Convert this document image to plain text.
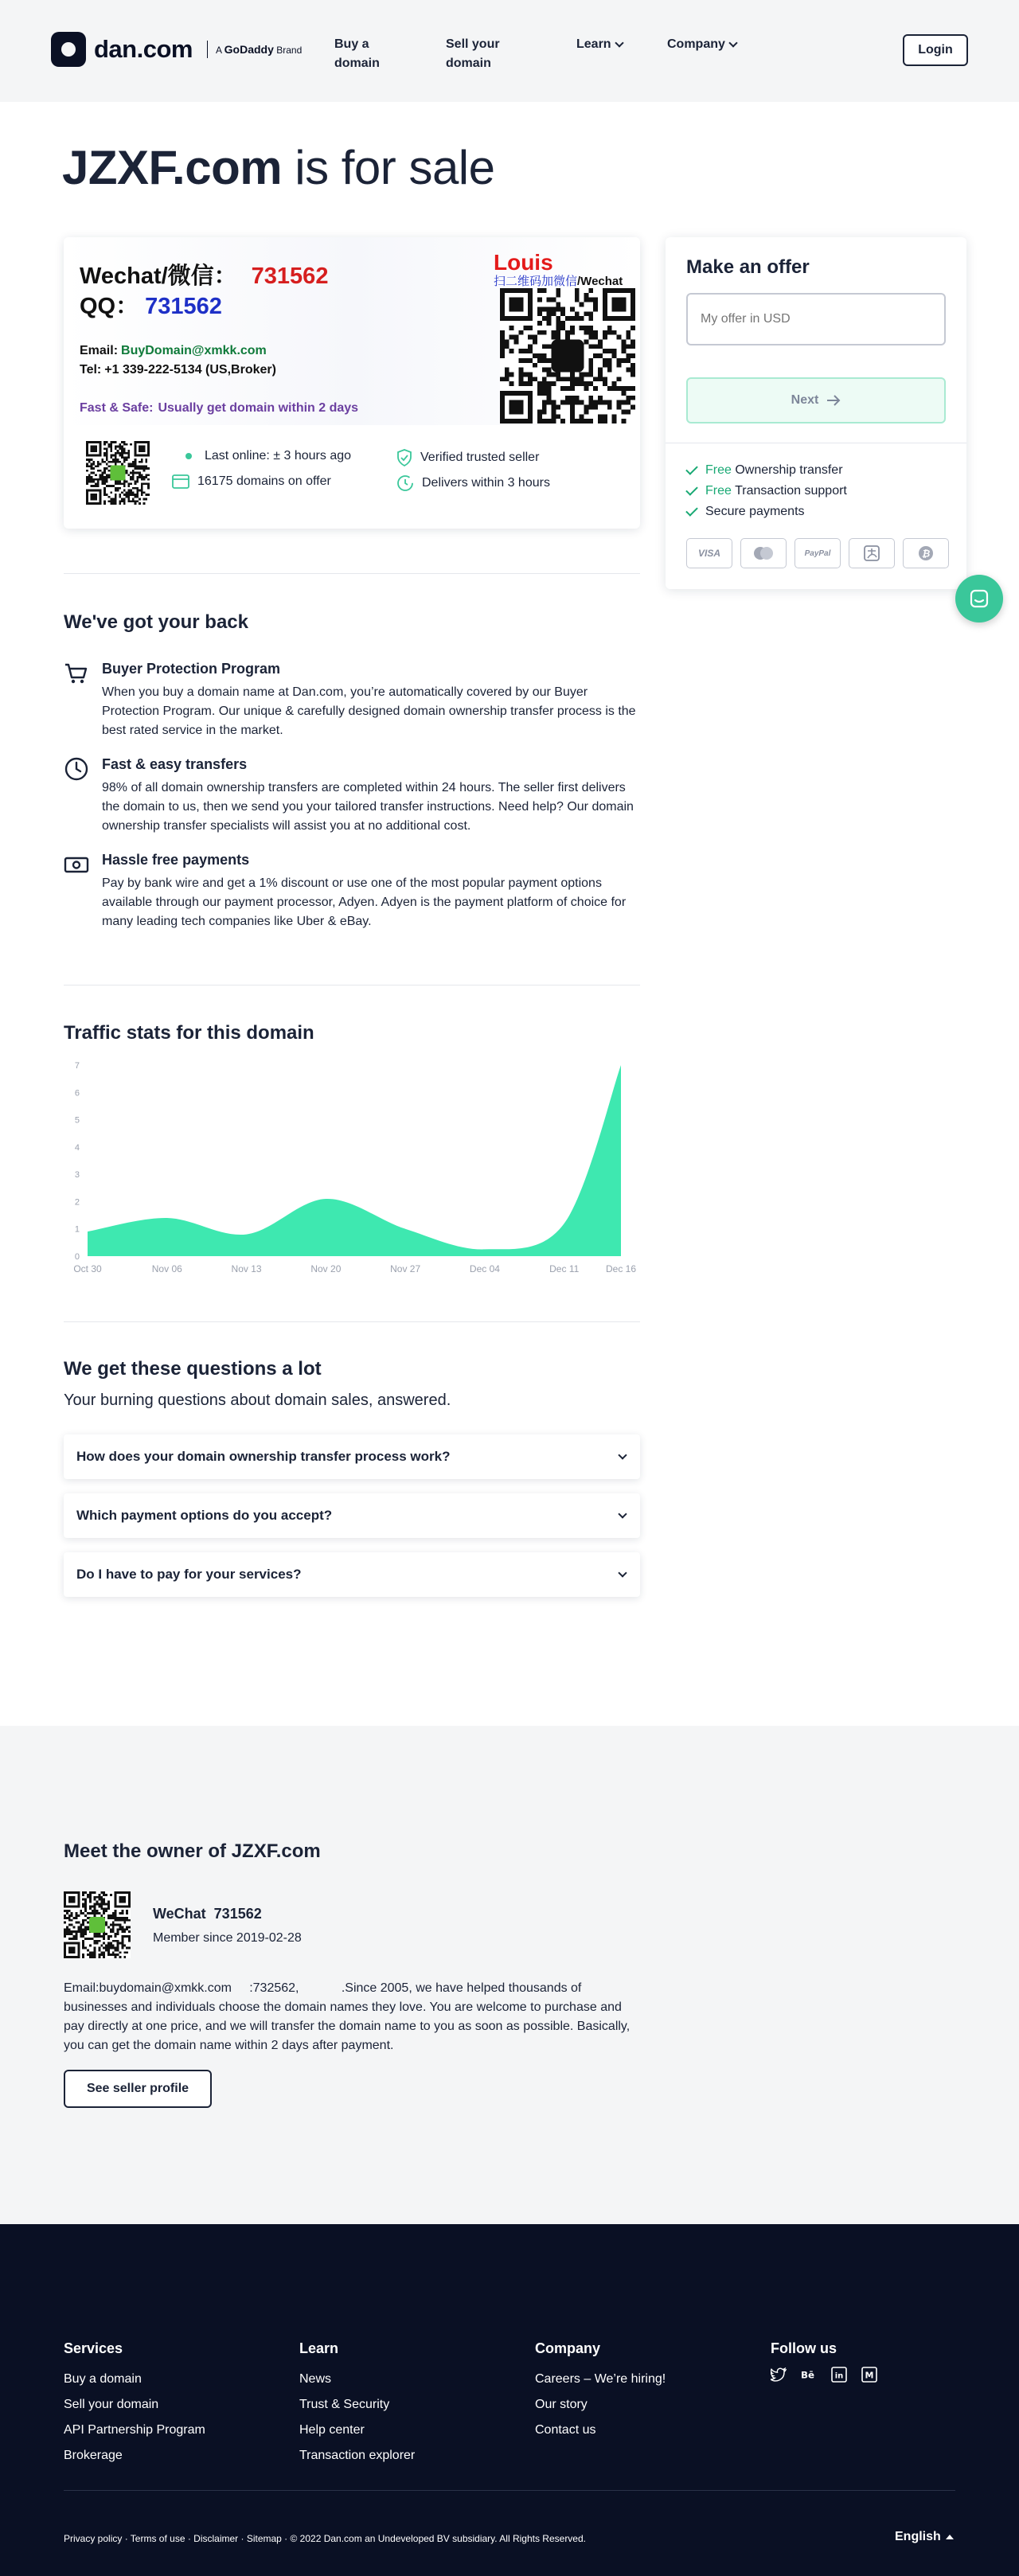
dan.com A GoDaddy Brand	Buy a domain
Sell your domain
Learn	Company	Login
JZXF.com is for sale
Wechat/微信： 731562
QQ： 731562
Email: BuyDomain@xmkk.com
Tel: +1 339-222-5134 (US,Broker)
Fast & Safe: Usually get domain within 2 days
Louis
扫二维码加微信/Wechat
Last online: ± 3 hours ago
16175 domains on offer
Verified trusted seller
Delivers within 3 hours
Make an offer
My offer in USD
Next
Free Ownership transfer
Free Transaction support
Secure payments
VISA	PayPal	₿
We've got your back
Buyer Protection Program
When you buy a domain name at Dan.com, you’re automatically covered by our Buyer Protection Program. Our unique & carefully designed domain ownership transfer process is the best rated service in the market.
Fast & easy transfers
98% of all domain ownership transfers are completed within 24 hours. The seller first delivers the domain to us, then we send you your tailored transfer instructions. Need help? Our domain ownership transfer specialists will assist you at no additional cost.
Hassle free payments
Pay by bank wire and get a 1% discount or use one of the most popular payment options available through our payment processor, Adyen. Adyen is the payment platform of choice for many leading tech companies like Uber & eBay.
Traffic stats for this domain
0
1
2
3
4
5
6
7
Oct 30	Nov 06	Nov 13	Nov 20	Nov 27	Dec 04	Dec 11	Dec 16
We get these questions a lot
Your burning questions about domain sales, answered.
How does your domain ownership transfer process work?
Which payment options do you accept?
Do I have to pay for your services?
Meet the owner of JZXF.com
WeChat  731562
Member since 2019-02-28
Email:buydomain@xmkk.com     :732562,            .Since 2005, we have helped thousands of businesses and individuals choose the domain names they love. You are welcome to purchase and pay directly at one price, and we will transfer the domain name to you as soon as possible. Basically, you can get the domain name within 2 days after payment.
See seller profile
Services
Buy a domain
Sell your domain
API Partnership Program
Brokerage
Learn
News
Trust & Security
Help center
Transaction explorer
Company
Careers – We’re hiring!
Our story
Contact us
Follow us
Bē	in M
Privacy policy · Terms of use · Disclaimer · Sitemap · © 2022 Dan.com an Undeveloped BV subsidiary. All Rights Reserved.	English
